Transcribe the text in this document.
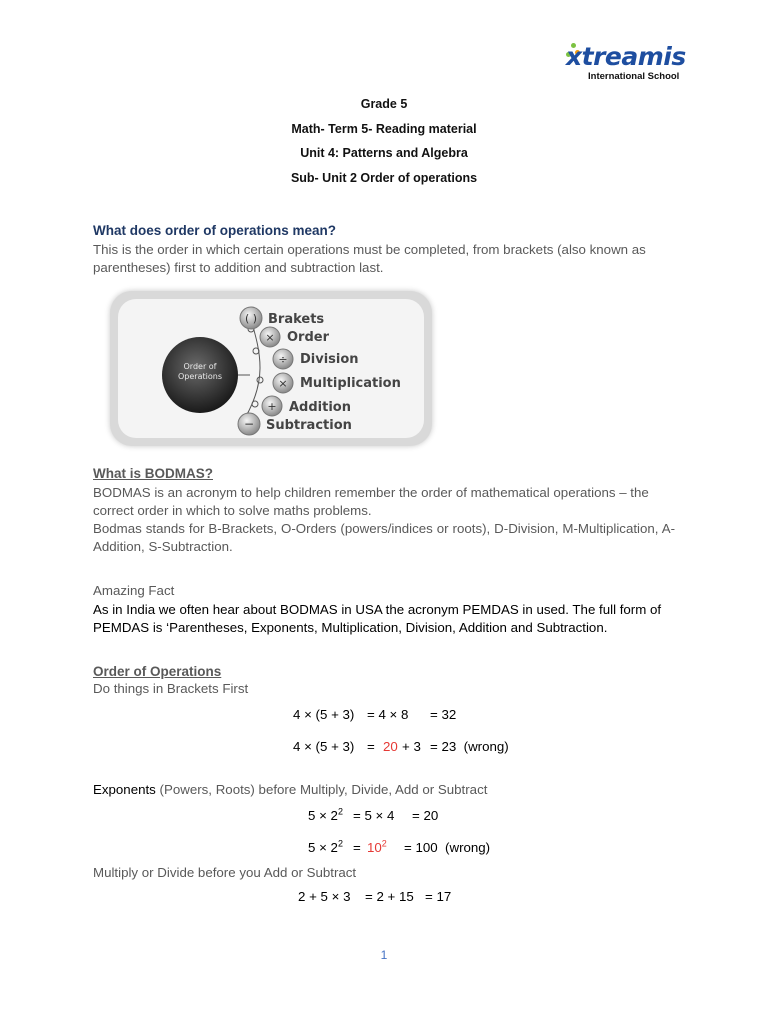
xtreamis
International School
Grade 5
Math- Term 5- Reading material
Unit 4: Patterns and Algebra
Sub- Unit 2 Order of operations
What does order of operations mean?
This is the order in which certain operations must be completed, from brackets (also known as parentheses) first to addition and subtraction last.
Order of
Operations
( ) Brakets
× Order
÷ Division
× Multiplication
+ Addition
− Subtraction
What is BODMAS?
BODMAS is an acronym to help children remember the order of mathematical operations – the correct order in which to solve maths problems.
Bodmas stands for B-Brackets, O-Orders (powers/indices or roots), D-Division, M-Multiplication, A-Addition, S-Subtraction.
Amazing Fact
As in India we often hear about BODMAS in USA the acronym PEMDAS in used. The full form of PEMDAS is ‘Parentheses, Exponents, Multiplication, Division, Addition and Subtraction.
Order of Operations
Do things in Brackets First
4 × (5 + 3) = 4 × 8 = 32
4 × (5 + 3) = 20 + 3 = 23  (wrong)
Exponents (Powers, Roots) before Multiply, Divide, Add or Subtract
$5 \times 2^2 = 5 \times 4 = 20$
$5 \times 2^2 = 10^2 = 100$  (wrong)
Multiply or Divide before you Add or Subtract
2 + 5 × 3 = 2 + 15 = 17
1
